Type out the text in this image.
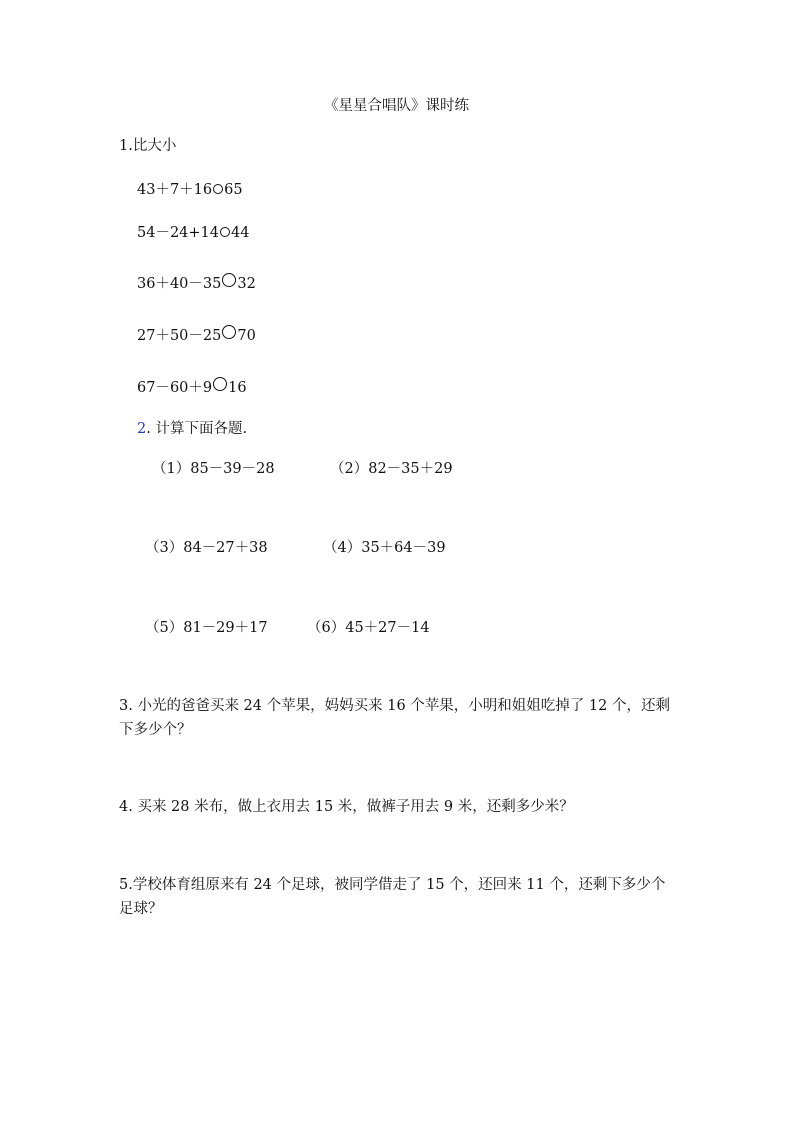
《星星合唱队》课时练
1.比大小
43＋7＋16 65
54－24+14 44
36＋40－35 32
27＋50－25 70
67－60＋9 16
2. 计算下面各题.
（1）85－39－28	（2）82－35＋29
（3）84－27＋38	（4）35＋64－39
（5）81－29＋17	（6）45＋27－14
3. 小光的爸爸买来 24 个苹果，妈妈买来 16 个苹果，小明和姐姐吃掉了 12 个，还剩下多少个？
4. 买来 28 米布，做上衣用去 15 米，做裤子用去 9 米，还剩多少米？
5.学校体育组原来有 24 个足球，被同学借走了 15 个，还回来 11 个，还剩下多少个足球？
